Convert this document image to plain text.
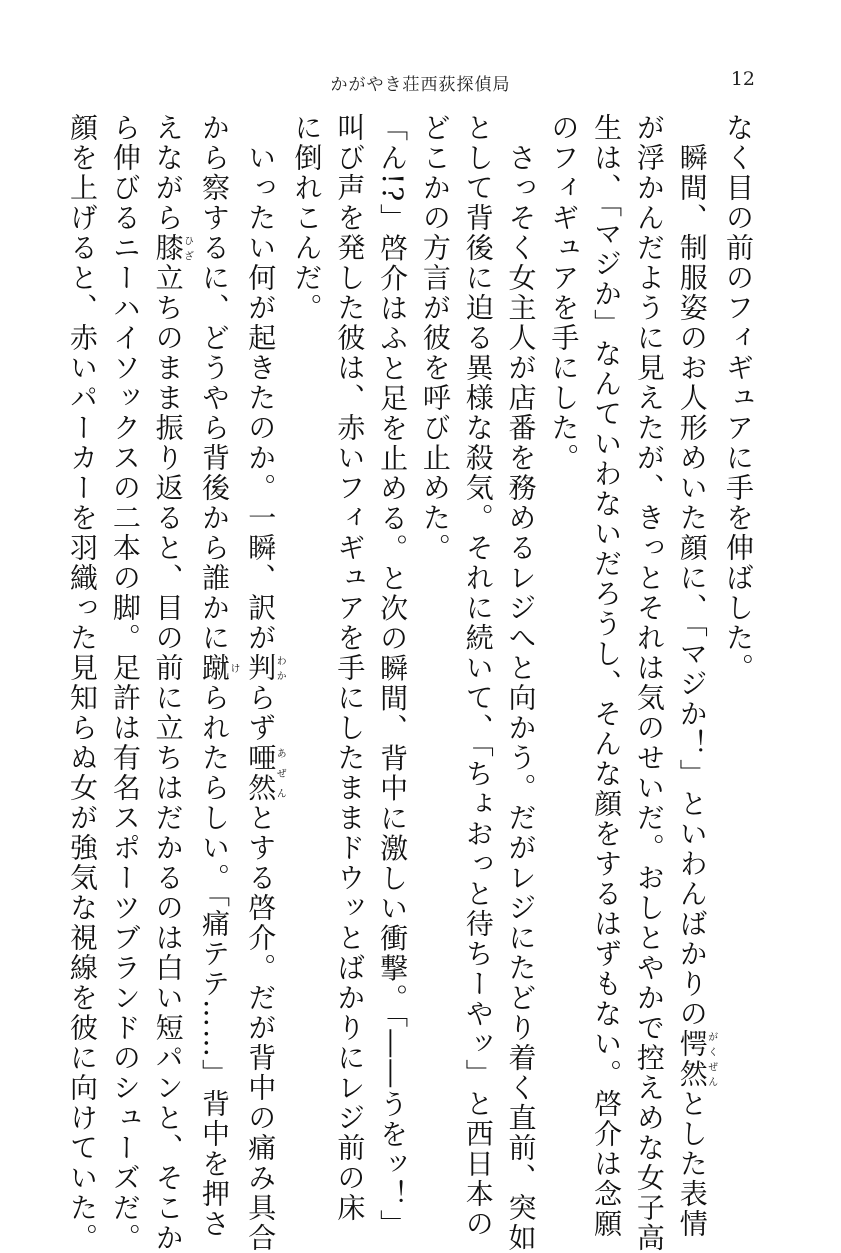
かがやき荘西荻探偵局	12
なく目の前のフィギュアに手を伸ばした。
　瞬間、制服姿のお人形めいた顔に、「マジか！」といわんばかりの愕然がくぜんとした表情
が浮かんだように見えたが、きっとそれは気のせいだ。おしとやかで控えめな女子高
生は、「マジか」なんていわないだろうし、そんな顔をするはずもない。啓介は念願
のフィギュアを手にした。
　さっそく女主人が店番を務めるレジへと向かう。だがレジにたどり着く直前、突如
として背後に迫る異様な殺気。それに続いて、「ちょおっと待ちーやッ」と西日本の
どこかの方言が彼を呼び止めた。
「ん!?」啓介はふと足を止める。と次の瞬間、背中に激しい衝撃。「――うをッ！」
叫び声を発した彼は、赤いフィギュアを手にしたままドウッとばかりにレジ前の床
に倒れこんだ。
　いったい何が起きたのか。一瞬、訳が判わからず唖然あぜんとする啓介。だが背中の痛み具合
から察するに、どうやら背後から誰かに蹴けられたらしい。「痛テテ……」背中を押さ
えながら膝ひざ立ちのまま振り返ると、目の前に立ちはだかるのは白い短パンと、そこか
ら伸びるニーハイソックスの二本の脚。足許は有名スポーツブランドのシューズだ。
顔を上げると、赤いパーカーを羽織った見知らぬ女が強気な視線を彼に向けていた。
